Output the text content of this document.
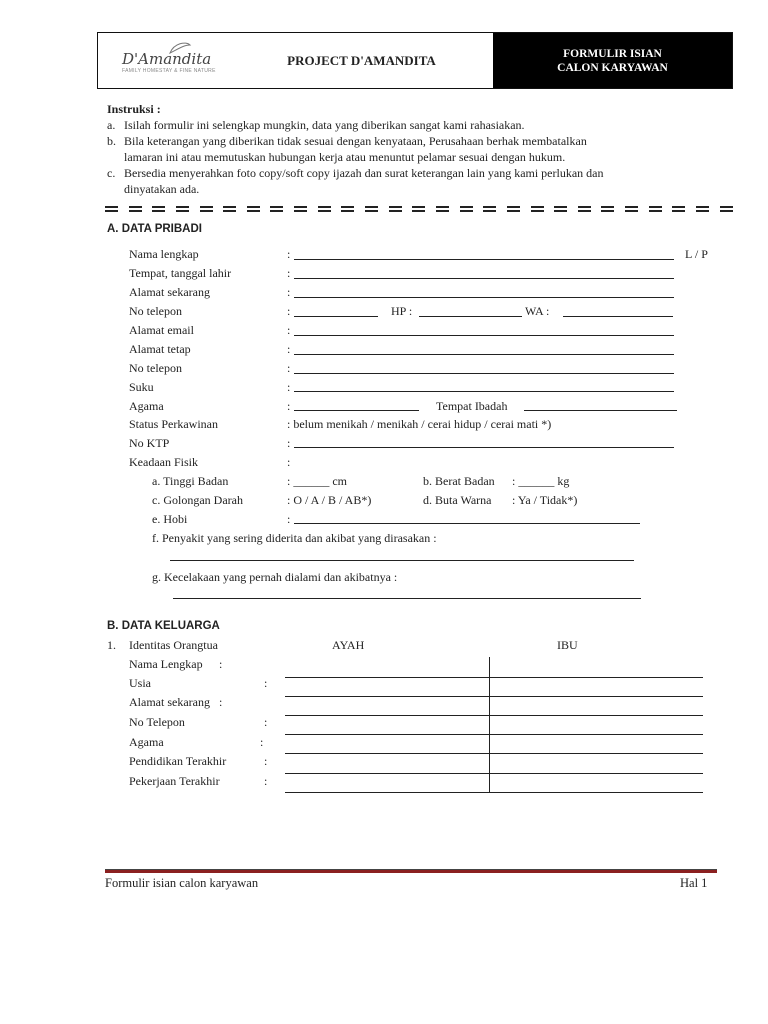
D'Amandita
FAMILY HOMESTAY & FINE NATURE
PROJECT D'AMANDITA	FORMULIR ISIAN
CALON KARYAWAN
Instruksi :
a. Isilah formulir ini selengkap mungkin, data yang diberikan sangat kami rahasiakan.
b. Bila keterangan yang diberikan tidak sesuai dengan kenyataan, Perusahaan berhak membatalkan
lamaran ini atau memutuskan hubungan kerja atau menuntut pelamar sesuai dengan hukum.
c. Bersedia menyerahkan foto copy/soft copy ijazah dan surat keterangan lain yang kami perlukan dan
dinyatakan ada.
A. DATA PRIBADI
Nama lengkap	:	L / P
Tempat, tanggal lahir	:
Alamat sekarang	:
No telepon	:	HP :	WA :
Alamat email	:
Alamat tetap	:
No telepon	:
Suku	:
Agama	:	Tempat Ibadah
Status Perkawinan	: belum menikah / menikah / cerai hidup / cerai mati *)
No KTP	:
Keadaan Fisik	:
a. Tinggi Badan	: ______ cm	b. Berat Badan : ______ kg
c. Golongan Darah	: O / A / B / AB*)	d. Buta Warna : Ya / Tidak*)
e. Hobi	:
f. Penyakit yang sering diderita dan akibat yang dirasakan :
g. Kecelakaan yang pernah dialami dan akibatnya :
B. DATA KELUARGA
1. Identitas Orangtua	AYAH	IBU
Nama Lengkap :
Usia	:
Alamat sekarang :
No Telepon	:
Agama	:
Pendidikan Terakhir	:
Pekerjaan Terakhir	:
Formulir isian calon karyawan	Hal 1
